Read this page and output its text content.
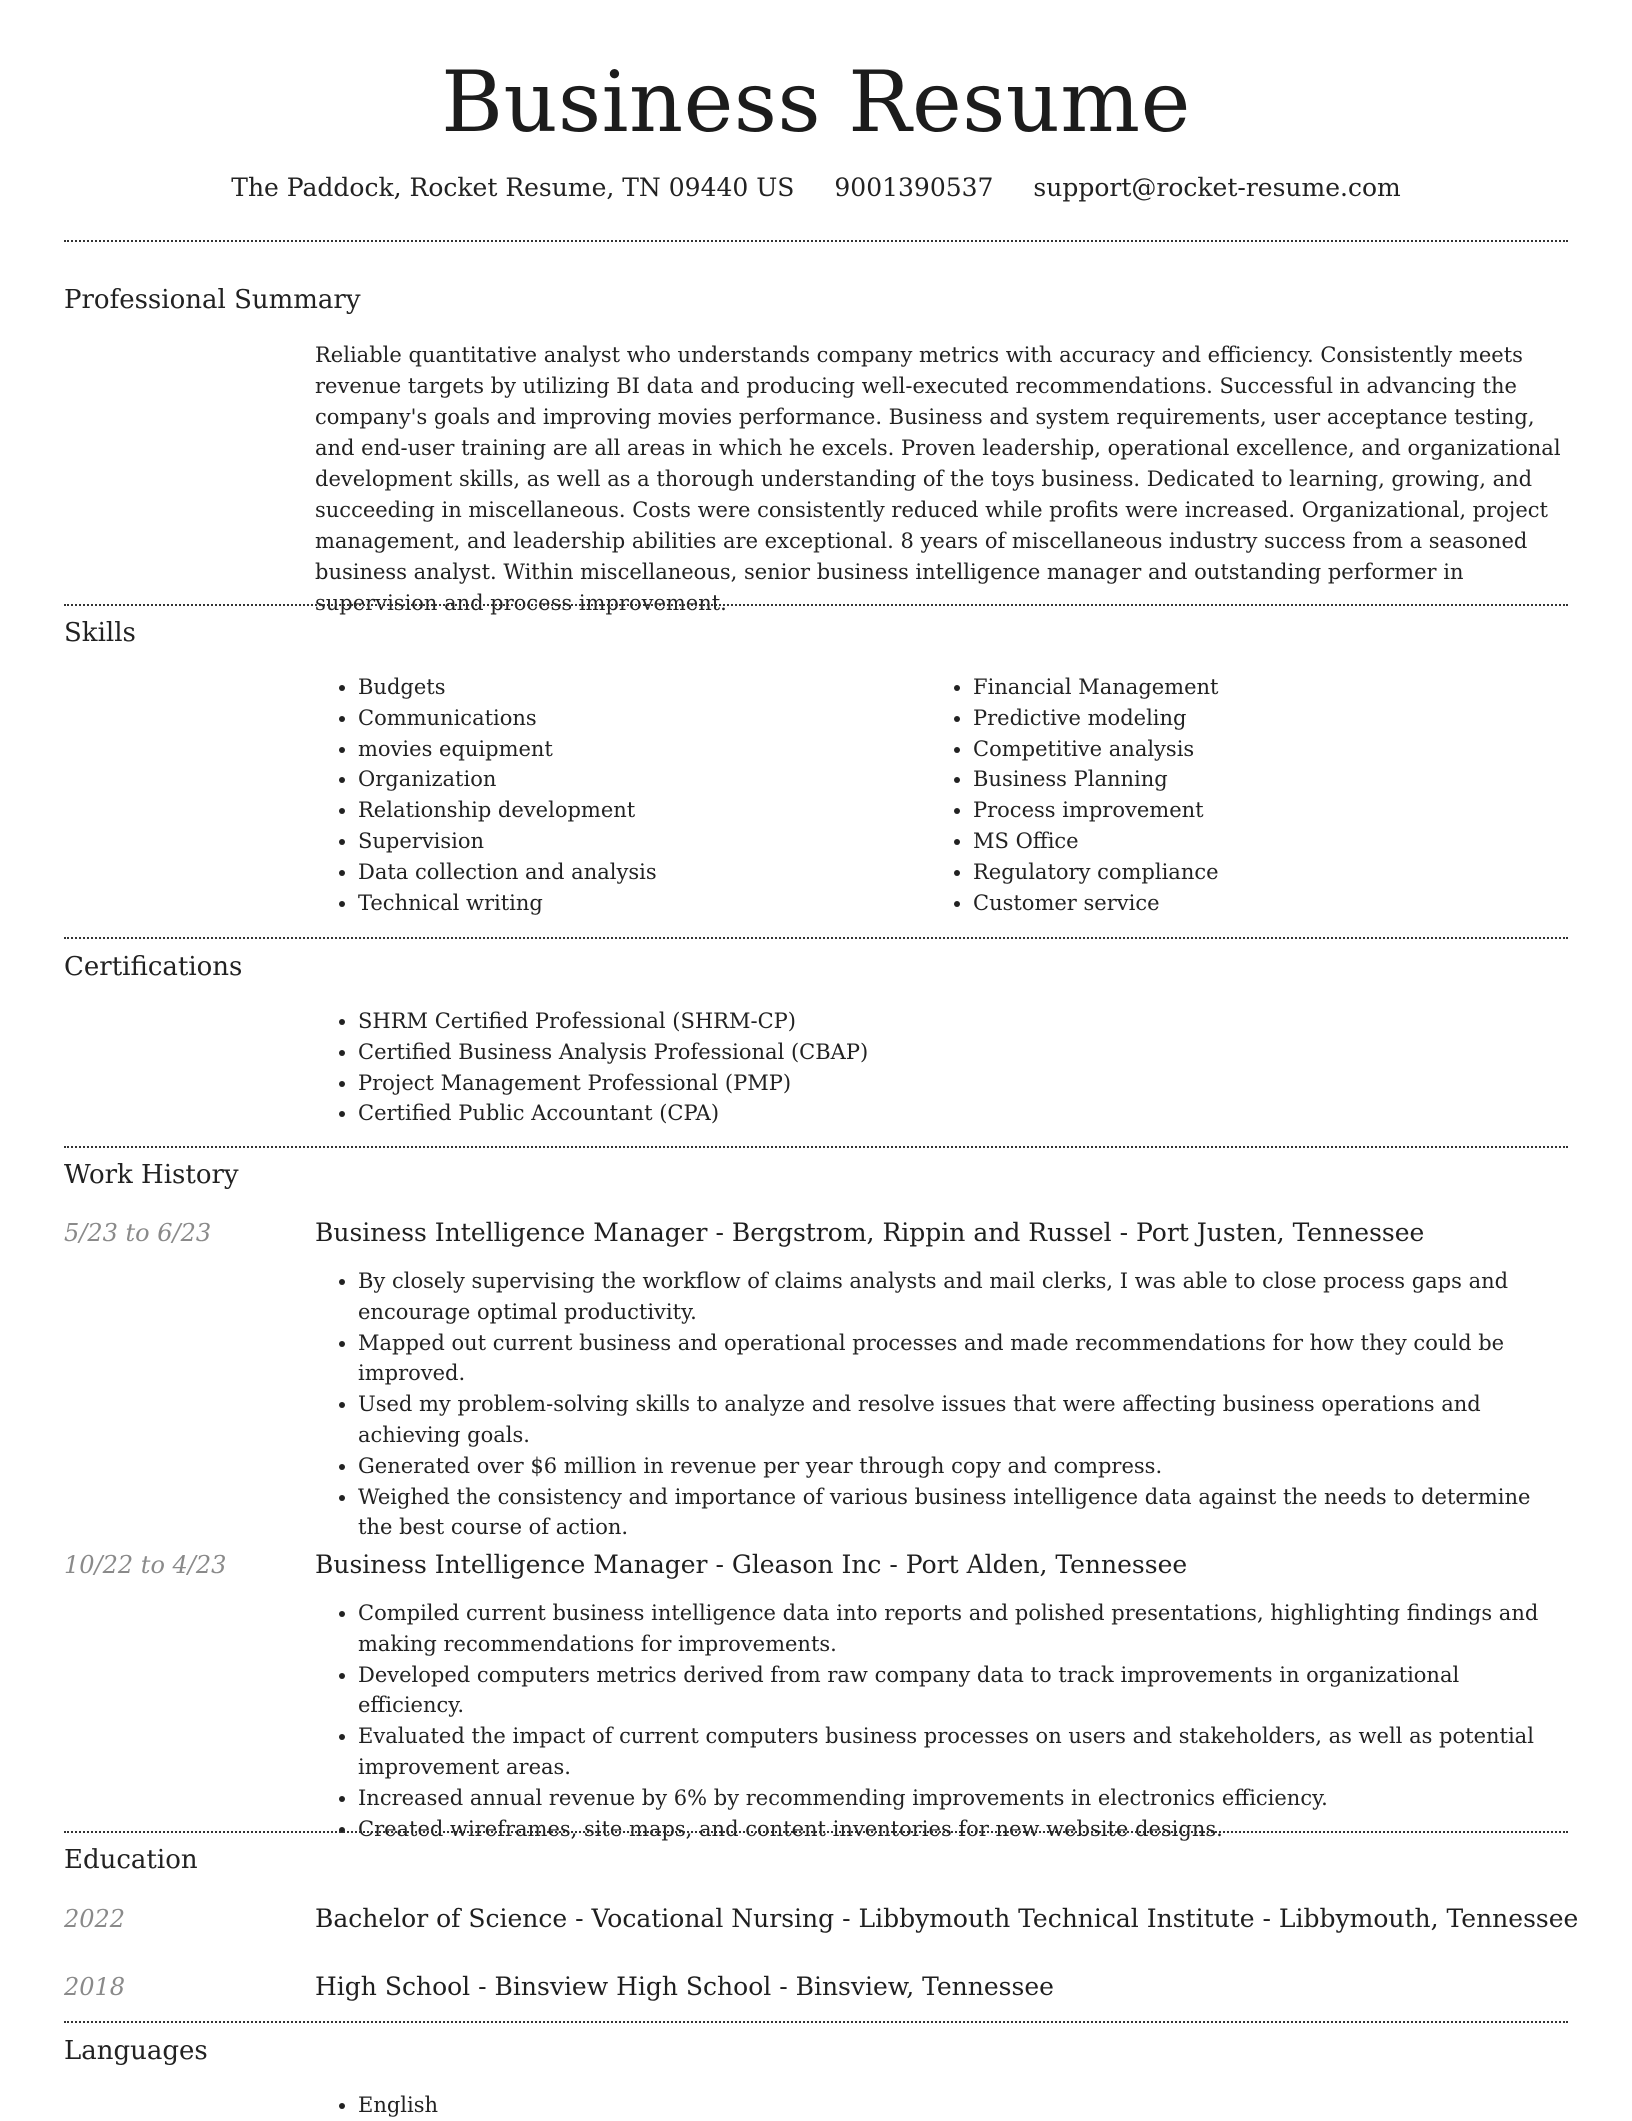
Business Resume
The Paddock, Rocket Resume, TN 09440 US 9001390537 support@rocket-resume.com
Professional Summary
Reliable quantitative analyst who understands company metrics with accuracy and efficiency. Consistently meets revenue targets by utilizing BI data and producing well-executed recommendations. Successful in advancing the company's goals and improving movies performance. Business and system requirements, user acceptance testing, and end-user training are all areas in which he excels. Proven leadership, operational excellence, and organizational development skills, as well as a thorough understanding of the toys business. Dedicated to learning, growing, and succeeding in miscellaneous. Costs were consistently reduced while profits were increased. Organizational, project management, and leadership abilities are exceptional. 8 years of miscellaneous industry success from a seasoned business analyst. Within miscellaneous, senior business intelligence manager and outstanding performer in supervision and process improvement.
Skills
• Budgets
• Communications
• movies equipment
• Organization
• Relationship development
• Supervision
• Data collection and analysis
• Technical writing
• Financial Management
• Predictive modeling
• Competitive analysis
• Business Planning
• Process improvement
• MS Office
• Regulatory compliance
• Customer service
Certifications
• SHRM Certified Professional (SHRM-CP)
• Certified Business Analysis Professional (CBAP)
• Project Management Professional (PMP)
• Certified Public Accountant (CPA)
Work History
5/23 to 6/23	Business Intelligence Manager - Bergstrom, Rippin and Russel - Port Justen, Tennessee
• By closely supervising the workflow of claims analysts and mail clerks, I was able to close process gaps and encourage optimal productivity.
• Mapped out current business and operational processes and made recommendations for how they could be improved.
• Used my problem-solving skills to analyze and resolve issues that were affecting business operations and achieving goals.
• Generated over $6 million in revenue per year through copy and compress.
• Weighed the consistency and importance of various business intelligence data against the needs to determine the best course of action.
10/22 to 4/23	Business Intelligence Manager - Gleason Inc - Port Alden, Tennessee
• Compiled current business intelligence data into reports and polished presentations, highlighting findings and making recommendations for improvements.
• Developed computers metrics derived from raw company data to track improvements in organizational efficiency.
• Evaluated the impact of current computers business processes on users and stakeholders, as well as potential improvement areas.
• Increased annual revenue by 6% by recommending improvements in electronics efficiency.
• Created wireframes, site maps, and content inventories for new website designs.
Education
2022	Bachelor of Science - Vocational Nursing - Libbymouth Technical Institute - Libbymouth, Tennessee
2018	High School - Binsview High School - Binsview, Tennessee
Languages
• English
